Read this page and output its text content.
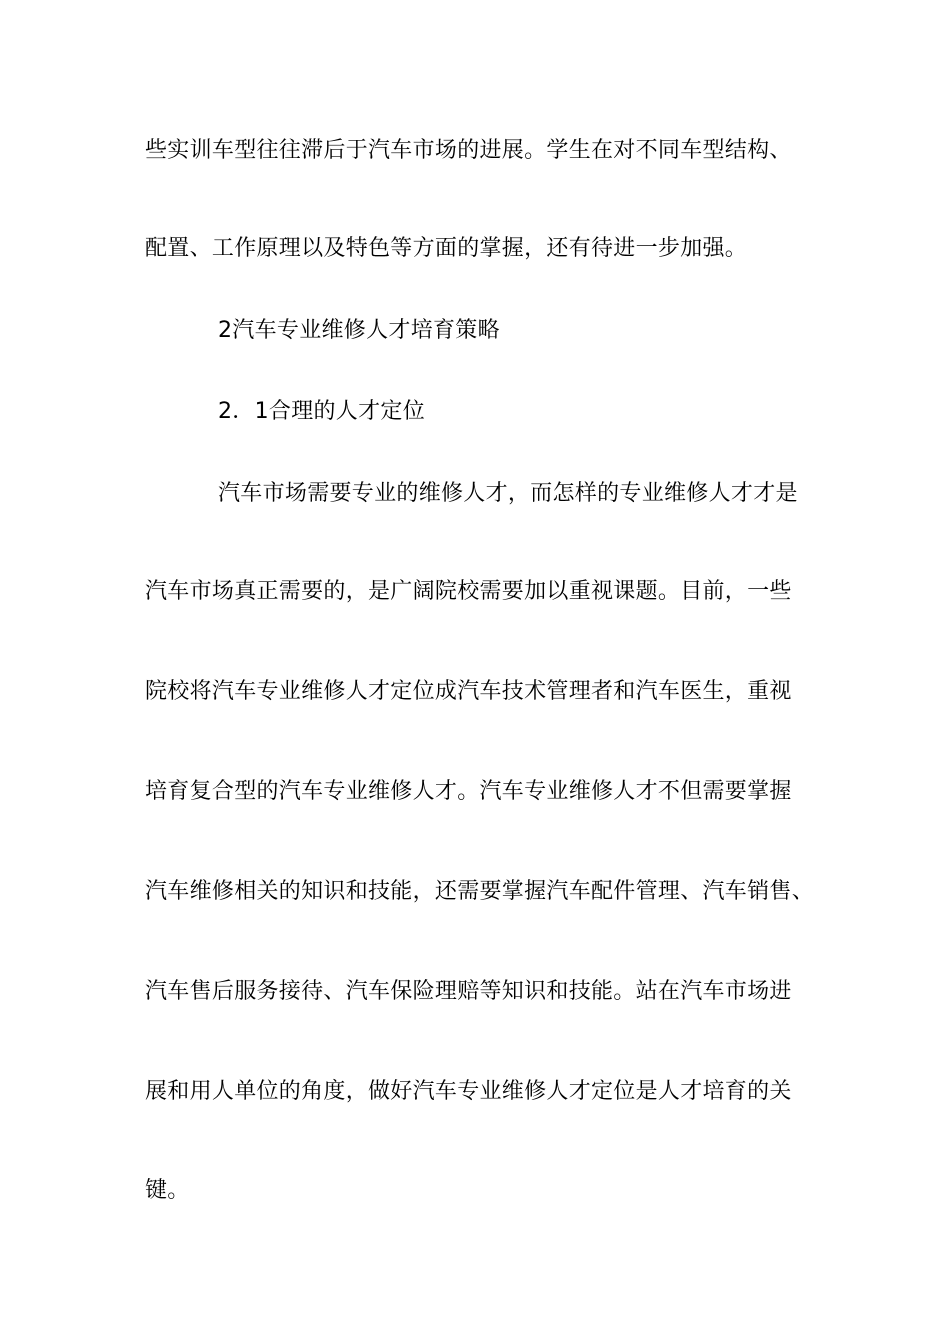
些实训车型往往滞后于汽车市场的进展。学生在对不同车型结构、
配置、工作原理以及特色等方面的掌握，还有待进一步加强。
2汽车专业维修人才培育策略
2．1合理的人才定位
汽车市场需要专业的维修人才，而怎样的专业维修人才才是
汽车市场真正需要的，是广阔院校需要加以重视课题。目前，一些
院校将汽车专业维修人才定位成汽车技术管理者和汽车医生，重视
培育复合型的汽车专业维修人才。汽车专业维修人才不但需要掌握
汽车维修相关的知识和技能，还需要掌握汽车配件管理、汽车销售、
汽车售后服务接待、汽车保险理赔等知识和技能。站在汽车市场进
展和用人单位的角度，做好汽车专业维修人才定位是人才培育的关
键。
